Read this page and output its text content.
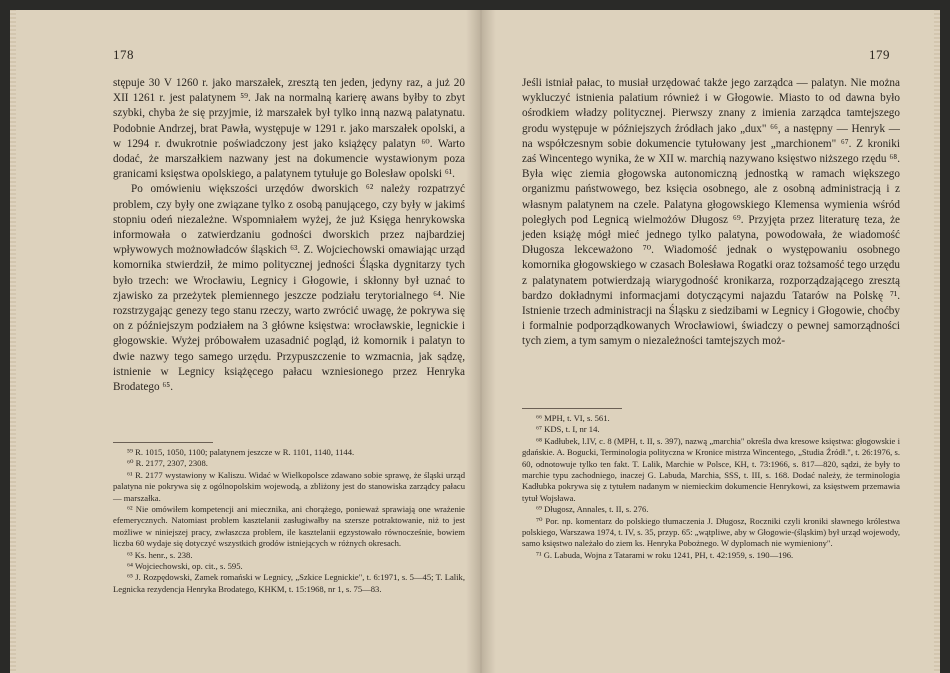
178

stępuje 30 V 1260 r. jako marszałek, zresztą ten jeden, jedyny raz, a już 20 XII 1261 r. jest palatynem ⁵⁹. Jak na normalną karierę awans byłby to zbyt szybki, chyba że się przyjmie, iż marszałek był tylko inną nazwą palatynatu. Podobnie Andrzej, brat Pawła, występuje w 1291 r. jako marszałek opolski, a w 1294 r. dwukrotnie poświadczony jest jako książęcy palatyn ⁶⁰. Warto dodać, że marszałkiem nazwany jest na dokumencie wystawionym poza granicami księstwa opolskiego, a palatynem tytułuje go Bolesław opolski ⁶¹.

Po omówieniu większości urzędów dworskich ⁶² należy rozpatrzyć problem, czy były one związane tylko z osobą panującego, czy były w jakimś stopniu odeń niezależne. Wspomniałem wyżej, że już Księga henrykowska informowała o zatwierdzaniu godności dworskich przez najbardziej wpływowych możnowładców śląskich ⁶³. Z. Wojciechowski omawiając urząd komornika stwierdził, że mimo politycznej jedności Śląska dygnitarzy tych było trzech: we Wrocławiu, Legnicy i Głogowie, i skłonny był uznać to zjawisko za przeżytek plemiennego jeszcze podziału terytorialnego ⁶⁴. Nie rozstrzygając genezy tego stanu rzeczy, warto zwrócić uwagę, że pokrywa się on z późniejszym podziałem na 3 główne księstwa: wrocławskie, legnickie i głogowskie. Wyżej próbowałem uzasadnić pogląd, iż komornik i palatyn to dwie nazwy tego samego urzędu. Przypuszczenie to wzmacnia, jak sądzę, istnienie w Legnicy książęcego pałacu wzniesionego przez Henryka Brodatego ⁶⁵.

⁵⁹ R. 1015, 1050, 1100; palatynem jeszcze w R. 1101, 1140, 1144.

⁶⁰ R. 2177, 2307, 2308.

⁶¹ R. 2177 wystawiony w Kaliszu. Widać w Wielkopolsce zdawano sobie sprawę, że śląski urząd palatyna nie pokrywa się z ogólnopolskim wojewodą, a zbliżony jest do stanowiska zarządcy pałacu — marszałka.

⁶² Nie omówiłem kompetencji ani miecznika, ani chorążego, ponieważ sprawiają one wrażenie efemerycznych. Natomiast problem kasztelanii zasługiwałby na szersze potraktowanie, niż to jest możliwe w niniejszej pracy, zwłaszcza problem, ile kasztelanii egzystowało równocześnie, bowiem liczba 60 wydaje się dotyczyć wszystkich grodów istniejących w różnych okresach.

⁶³ Ks. henr., s. 238.

⁶⁴ Wojciechowski, op. cit., s. 595.

⁶⁵ J. Rozpędowski, Zamek romański w Legnicy, „Szkice Legnickie", t. 6:1971, s. 5—45; T. Lalik, Legnicka rezydencja Henryka Brodatego, KHKM, t. 15:1968, nr 1, s. 75—83.

179

Jeśli istniał pałac, to musiał urzędować także jego zarządca — palatyn. Nie można wykluczyć istnienia palatium również i w Głogowie. Miasto to od dawna było ośrodkiem władzy politycznej. Pierwszy znany z imienia zarządca tamtejszego grodu występuje w późniejszych źródłach jako „dux" ⁶⁶, a następny — Henryk — na współczesnym sobie dokumencie tytułowany jest „marchionem" ⁶⁷. Z kroniki zaś Wincentego wynika, że w XII w. marchią nazywano księstwo niższego rzędu ⁶⁸. Była więc ziemia głogowska autonomiczną jednostką w ramach większego organizmu państwowego, bez księcia osobnego, ale z osobną administracją i z własnym palatynem na czele. Palatyna głogowskiego Klemensa wymienia wśród poległych pod Legnicą wielmożów Długosz ⁶⁹. Przyjęta przez literaturę teza, że jeden książę mógł mieć jednego tylko palatyna, powodowała, że wiadomość Długosza lekceważono ⁷⁰. Wiadomość jednak o występowaniu osobnego komornika głogowskiego w czasach Bolesława Rogatki oraz tożsamość tego urzędu z palatynatem potwierdzają wiarygodność kronikarza, rozporządzającego zresztą bardzo dokładnymi informacjami dotyczącymi najazdu Tatarów na Polskę ⁷¹. Istnienie trzech administracji na Śląsku z siedzibami w Legnicy i Głogowie, choćby i formalnie podporządkowanych Wrocławiowi, świadczy o pewnej samorządności tych ziem, a tym samym o niezależności tamtejszych moż-

⁶⁶ MPH, t. VI, s. 561.

⁶⁷ KDS, t. I, nr 14.

⁶⁸ Kadłubek, l.IV, c. 8 (MPH, t. II, s. 397), nazwą „marchia" określa dwa kresowe księstwa: głogowskie i gdańskie. A. Bogucki, Terminologia polityczna w Kronice mistrza Wincentego, „Studia Źródł.", t. 26:1976, s. 60, odnotowuje tylko ten fakt. T. Lalik, Marchie w Polsce, KH, t. 73:1966, s. 817—820, sądzi, że były to marchie typu zachodniego, inaczej G. Labuda, Marchia, SSS, t. III, s. 168. Dodać należy, że terminologia Kadłubka pokrywa się z tytułem nadanym w niemieckim dokumencie Henrykowi, za księstwem przemawia tytuł Wojsława.

⁶⁹ Długosz, Annales, t. II, s. 276.

⁷⁰ Por. np. komentarz do polskiego tłumaczenia J. Długosz, Roczniki czyli kroniki sławnego królestwa polskiego, Warszawa 1974, t. IV, s. 35, przyp. 65: „wątpliwe, aby w Głogowie-(śląskim) był urząd wojewody, samo księstwo należało do ziem ks. Henryka Pobożnego. W dyplomach nie wymieniony".

⁷¹ G. Labuda, Wojna z Tatarami w roku 1241, PH, t. 42:1959, s. 190—196.
